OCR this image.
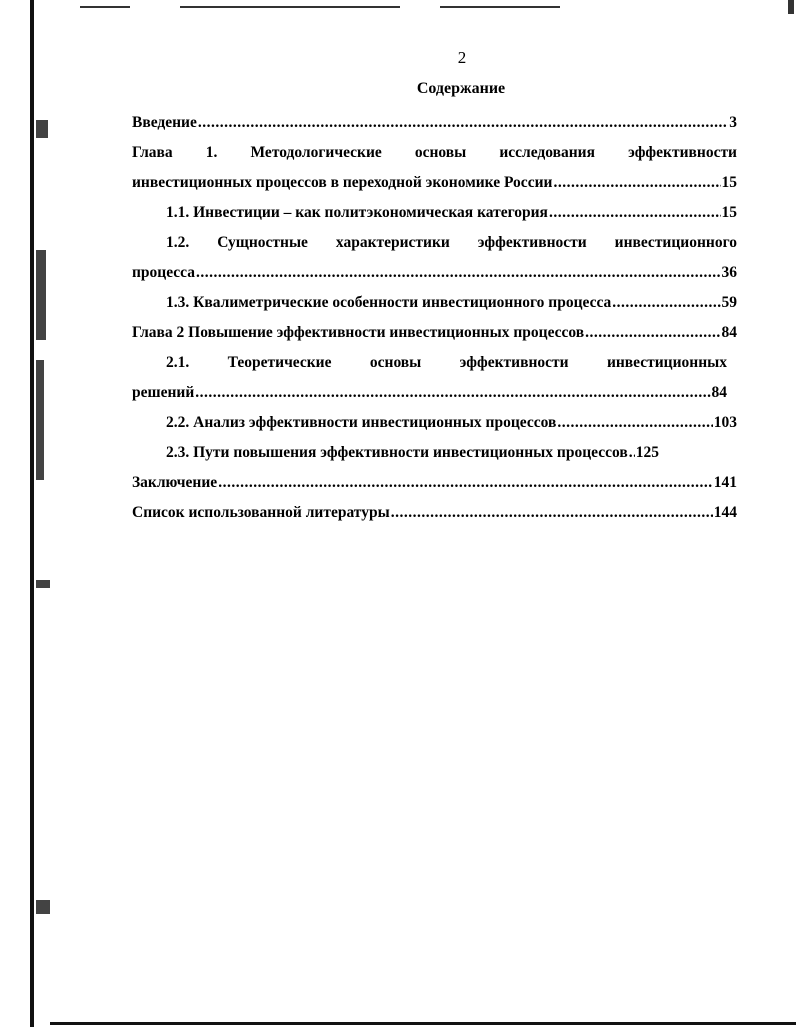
2
Содержание
Введение .....	3
Глава 1. Методологические основы исследования эффективности
инвестиционных процессов в переходной экономике России .....	15
1.1. Инвестиции – как политэкономическая категория .....	15
1.2. Сущностные характеристики эффективности инвестиционного
процесса .....	36
1.3. Квалиметрические особенности инвестиционного процесса .....	59
Глава 2 Повышение эффективности инвестиционных процессов .....	84
2.1. Теоретические основы эффективности инвестиционных
решений .....	84
2.2. Анализ эффективности инвестиционных процессов .....	103
2.3. Пути повышения эффективности инвестиционных процессов ..... 125
Заключение .....	141
Список использованной литературы .....	144
